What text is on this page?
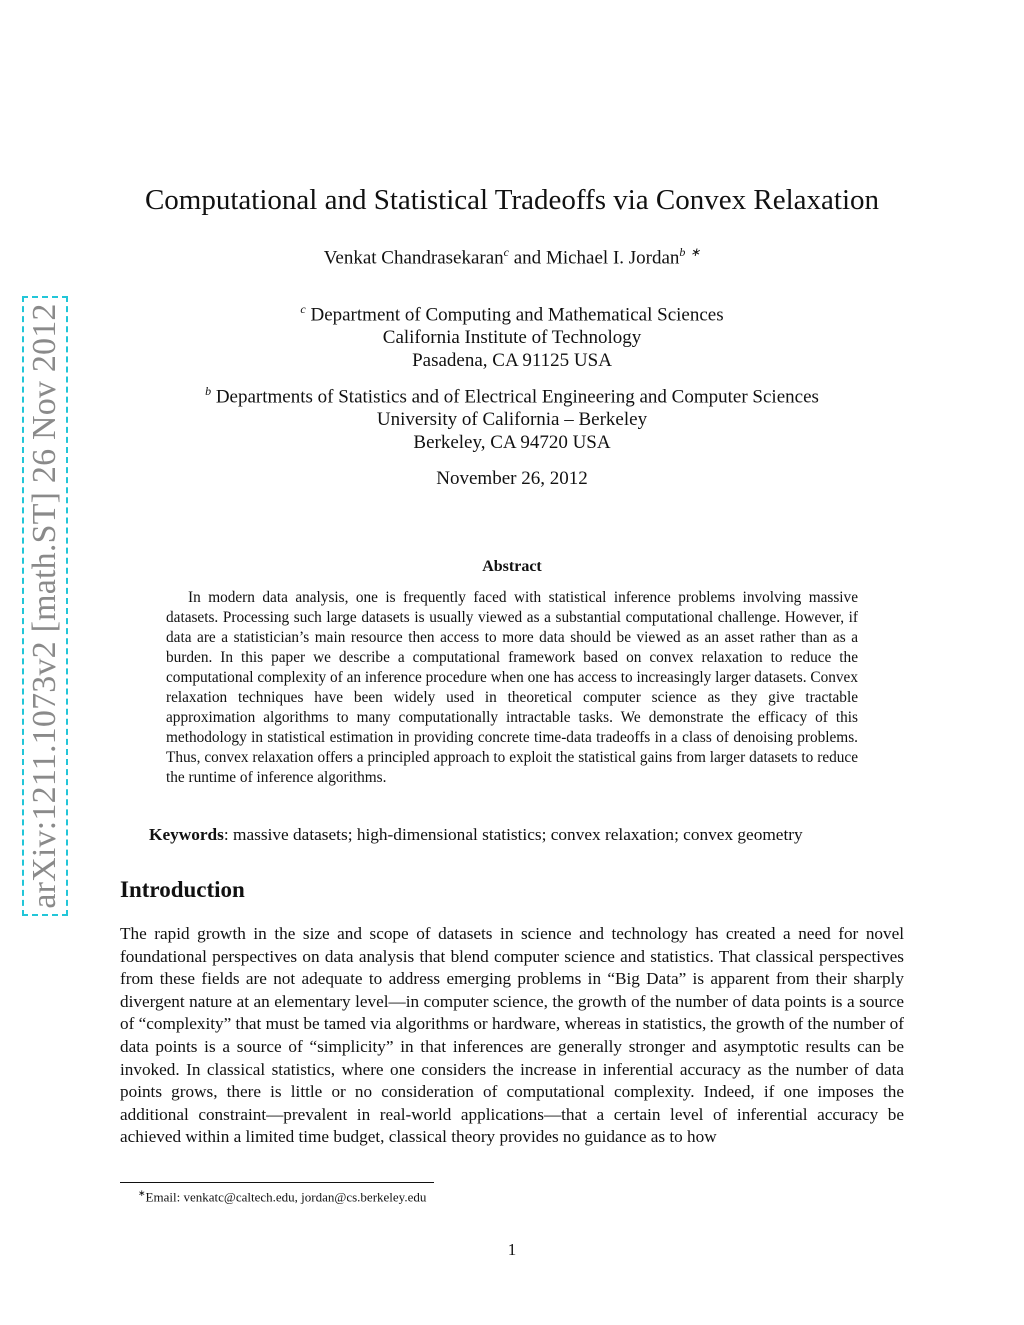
arXiv:1211.1073v2 [math.ST] 26 Nov 2012
Computational and Statistical Tradeoffs via Convex Relaxation
Venkat Chandrasekaran$^c$ and Michael I. Jordan$^b$ ∗
$^c$ Department of Computing and Mathematical Sciences
California Institute of Technology
Pasadena, CA 91125 USA
$^b$ Departments of Statistics and of Electrical Engineering and Computer Sciences
University of California – Berkeley
Berkeley, CA 94720 USA
November 26, 2012
Abstract
In modern data analysis, one is frequently faced with statistical inference problems involving massive datasets. Processing such large datasets is usually viewed as a substantial computational challenge. However, if data are a statistician’s main resource then access to more data should be viewed as an asset rather than as a burden. In this paper we describe a computational framework based on convex relaxation to reduce the computational complexity of an inference procedure when one has access to increasingly larger datasets. Convex relaxation techniques have been widely used in theoretical computer science as they give tractable approximation algorithms to many computationally intractable tasks. We demonstrate the efficacy of this methodology in statistical estimation in providing concrete time-data tradeoffs in a class of denoising problems. Thus, convex relaxation offers a principled approach to exploit the statistical gains from larger datasets to reduce the runtime of inference algorithms.
Keywords: massive datasets; high-dimensional statistics; convex relaxation; convex geometry
Introduction
The rapid growth in the size and scope of datasets in science and technology has created a need for novel foundational perspectives on data analysis that blend computer science and statistics. That classical perspectives from these fields are not adequate to address emerging problems in “Big Data” is apparent from their sharply divergent nature at an elementary level—in computer science, the growth of the number of data points is a source of “complexity” that must be tamed via algorithms or hardware, whereas in statistics, the growth of the number of data points is a source of “simplicity” in that inferences are generally stronger and asymptotic results can be invoked. In classical statistics, where one considers the increase in inferential accuracy as the number of data points grows, there is little or no consideration of computational complexity. Indeed, if one imposes the additional constraint—prevalent in real-world applications—that a certain level of inferential accuracy be achieved within a limited time budget, classical theory provides no guidance as to how
∗Email: venkatc@caltech.edu, jordan@cs.berkeley.edu
1
